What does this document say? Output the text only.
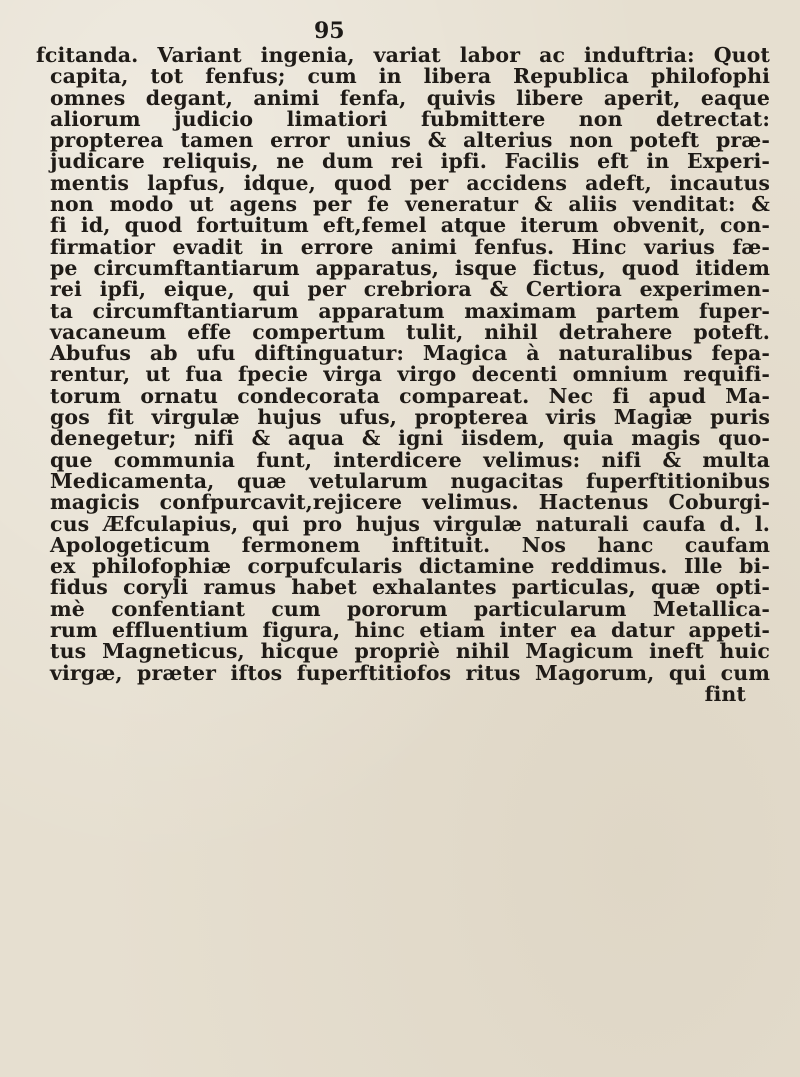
95
fcitanda. Variant ingenia, variat labor ac induftria: Quot
capita, tot fenfus; cum in libera Republica philofophi
omnes degant, animi fenfa, quivis libere aperit, eaque
aliorum judicio limatiori fubmittere non detrectat:
propterea tamen error unius & alterius non poteft præ-
judicare reliquis, ne dum rei ipfi. Facilis eft in Experi-
mentis lapfus, idque, quod per accidens adeft, incautus
non modo ut agens per fe veneratur & aliis venditat: &
fi id, quod fortuitum eft,femel atque iterum obvenit, con-
firmatior evadit in errore animi fenfus. Hinc varius fæ-
pe circumftantiarum apparatus, isque fictus, quod itidem
rei ipfi, eique, qui per crebriora & Certiora experimen-
ta circumftantiarum apparatum maximam partem fuper-
vacaneum effe compertum tulit, nihil detrahere poteft.
Abufus ab ufu diftinguatur: Magica à naturalibus fepa-
rentur, ut fua fpecie virga virgo decenti omnium requifi-
torum ornatu condecorata compareat. Nec fi apud Ma-
gos fit virgulæ hujus ufus, propterea viris Magiæ puris
denegetur; nifi & aqua & igni iisdem, quia magis quo-
que communia funt, interdicere velimus: nifi & multa
Medicamenta, quæ vetularum nugacitas fuperftitionibus
magicis confpurcavit,rejicere velimus. Hactenus Coburgi-
cus Æfculapius, qui pro hujus virgulæ naturali caufa d. l.
Apologeticum fermonem inftituit. Nos hanc caufam
ex philofophiæ corpufcularis dictamine reddimus. Ille bi-
fidus coryli ramus habet exhalantes particulas, quæ opti-
mè confentiant cum pororum particularum Metallica-
rum effluentium figura, hinc etiam inter ea datur appeti-
tus Magneticus, hicque propriè nihil Magicum ineft huic
virgæ, præter iftos fuperftitiofos ritus Magorum, qui cum
fint
